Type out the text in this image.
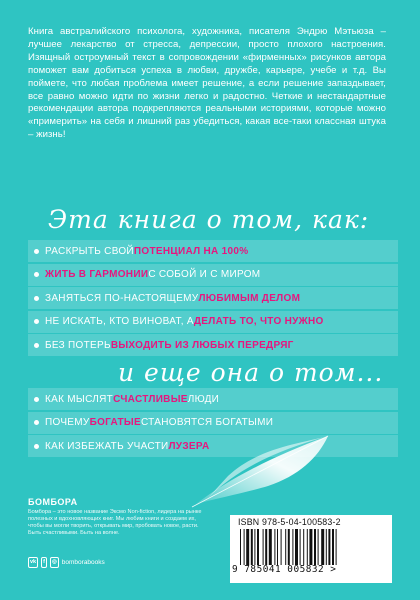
Книга австралийского психолога, художника, писателя Эндрю Мэтьюза – лучшее лекарство от стресса, депрессии, просто плохого настроения. Изящный остроумный текст в сопровождении «фирменных» рисунков автора поможет вам добиться успеха в любви, дружбе, карьере, учебе и т.д. Вы поймете, что любая проблема имеет решение, а если решение запаздывает, все равно можно идти по жизни легко и радостно. Четкие и нестандартные рекомендации автора подкрепляются реальными историями, которые можно «примерить» на себя и лишний раз убедиться, какая все-таки классная штука – жизнь!

Эта книга о том, как:
РАСКРЫТЬ СВОЙ ПОТЕНЦИАЛ НА 100%
ЖИТЬ В ГАРМОНИИ С СОБОЙ И С МИРОМ
ЗАНЯТЬСЯ ПО-НАСТОЯЩЕМУ ЛЮБИМЫМ ДЕЛОМ
НЕ ИСКАТЬ, КТО ВИНОВАТ, А ДЕЛАТЬ ТО, ЧТО НУЖНО
БЕЗ ПОТЕРЬ ВЫХОДИТЬ ИЗ ЛЮБЫХ ПЕРЕДРЯГ
и еще она о том...
КАК МЫСЛЯТ СЧАСТЛИВЫЕ ЛЮДИ
ПОЧЕМУ БОГАТЫЕ СТАНОВЯТСЯ БОГАТЫМИ
КАК ИЗБЕЖАТЬ УЧАСТИ ЛУЗЕРА
БОМБОРА

Бомбора – это новое название Эксмо Non-fiction, лидера на рынке полезных и вдохновляющих книг. Мы любим книги и создаем их, чтобы вы могли творить, открывать мир, пробовать новое, расти. Быть счастливыми. Быть на волне.

vk	f	◎ bomborabooks
ISBN 978-5-04-100583-2
9 785041 005832 >
